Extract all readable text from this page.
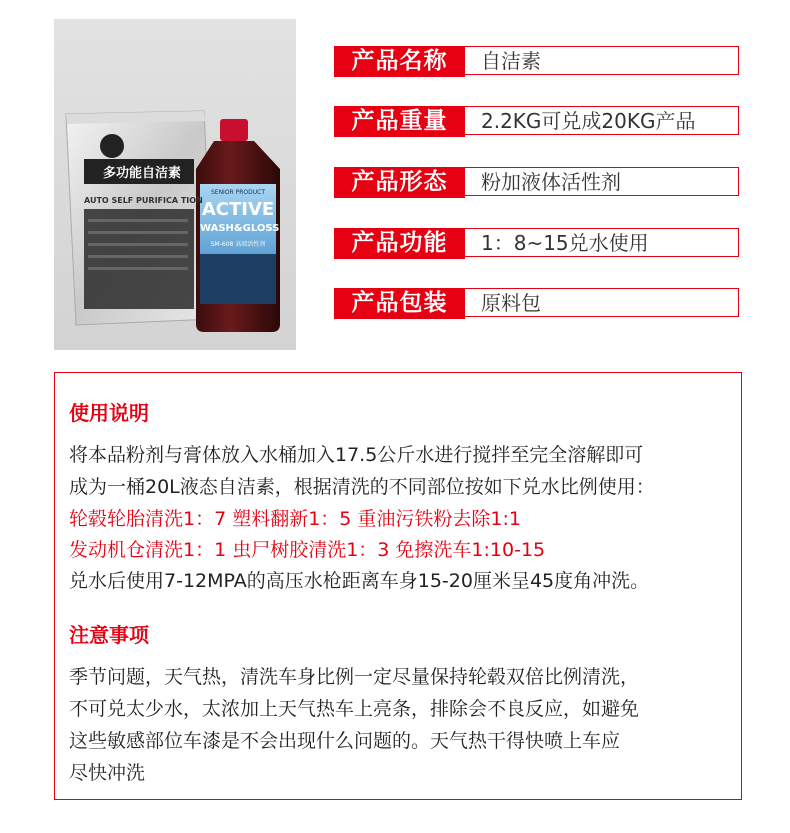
多功能自洁素
AUTO SELF PURIFICA TION
SENIOR PRODUCT
ACTIVE
WASH&GLOSS
SM-608 高端活性剂
产品名称	自洁素
产品重量	2.2KG可兑成20KG产品
产品形态	粉加液体活性剂
产品功能	1：8~15兑水使用
产品包装	原料包
使用说明
将本品粉剂与膏体放入水桶加入17.5公斤水进行搅拌至完全溶解即可
成为一桶20L液态自洁素，根据清洗的不同部位按如下兑水比例使用：
轮毂轮胎清洗1：7 塑料翻新1：5 重油污铁粉去除1:1
发动机仓清洗1：1 虫尸树胶清洗1：3 免擦洗车1:10-15
兑水后使用7-12MPA的高压水枪距离车身15-20厘米呈45度角冲洗。
注意事项
季节问题，天气热，清洗车身比例一定尽量保持轮毂双倍比例清洗，
不可兑太少水，太浓加上天气热车上亮条，排除会不良反应，如避免
这些敏感部位车漆是不会出现什么问题的。天气热干得快喷上车应
尽快冲洗
